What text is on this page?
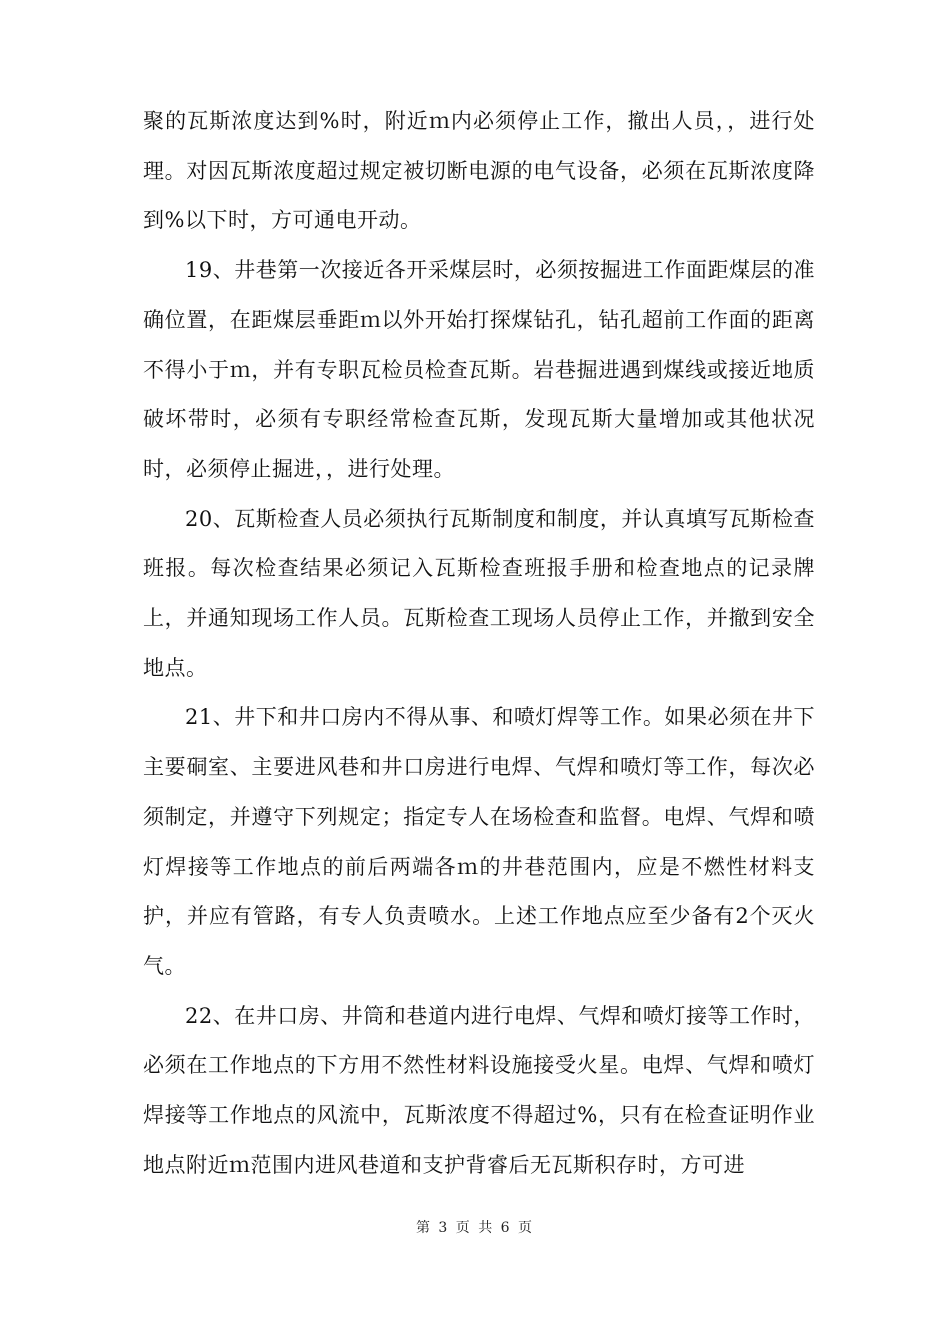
聚的瓦斯浓度达到%时，附近ｍ内必须停止工作，撤出人员，，进行处理。对因瓦斯浓度超过规定被切断电源的电气设备，必须在瓦斯浓度降到%以下时，方可通电开动。

19、井巷第一次接近各开采煤层时，必须按掘进工作面距煤层的准确位置，在距煤层垂距ｍ以外开始打探煤钻孔，钻孔超前工作面的距离不得小于ｍ，并有专职瓦检员检查瓦斯。岩巷掘进遇到煤线或接近地质破坏带时，必须有专职经常检查瓦斯，发现瓦斯大量增加或其他状况时，必须停止掘进，，进行处理。

20、瓦斯检查人员必须执行瓦斯制度和制度，并认真填写瓦斯检查班报。每次检查结果必须记入瓦斯检查班报手册和检查地点的记录牌上，并通知现场工作人员。瓦斯检查工现场人员停止工作，并撤到安全地点。

21、井下和井口房内不得从事、和喷灯焊等工作。如果必须在井下主要硐室、主要进风巷和井口房进行电焊、气焊和喷灯等工作，每次必须制定，并遵守下列规定；指定专人在场检查和监督。电焊、气焊和喷灯焊接等工作地点的前后两端各ｍ的井巷范围内，应是不燃性材料支护，并应有管路，有专人负责喷水。上述工作地点应至少备有2个灭火气。

22、在井口房、井筒和巷道内进行电焊、气焊和喷灯接等工作时，必须在工作地点的下方用不然性材料设施接受火星。电焊、气焊和喷灯焊接等工作地点的风流中，瓦斯浓度不得超过%，只有在检查证明作业地点附近ｍ范围内进风巷道和支护背睿后无瓦斯积存时，方可进

第 3 页 共 6 页
